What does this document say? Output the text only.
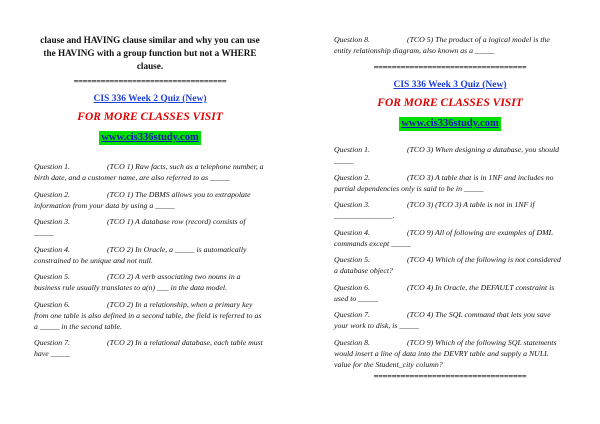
clause and HAVING clause similar and why you can use the HAVING with a group function but not a WHERE clause.
==================================
CIS 336 Week 2 Quiz (New)
FOR MORE CLASSES VISIT
www.cis336study.com
Question 1.	(TCO 1) Raw facts, such as a telephone number, a birth date, and a customer name, are also referred to as _____
Question 2.	(TCO 1) The DBMS allows you to extrapolate information from your data by using a _____
Question 3.	(TCO 1) A database row (record) consists of _____
Question 4.	(TCO 2) In Oracle, a _____ is automatically constrained to be unique and not null.
Question 5.	(TCO 2) A verb associating two nouns in a business rule usually translates to a(n) ___ in the data model.
Question 6.	(TCO 2) In a relationship, when a primary key from one table is also defined in a second table, the field is referred to as a _____ in the second table.
Question 7.	(TCO 2) In a relational database, each table must have _____
Question 8.	(TCO 5) The product of a logical model is the entity relationship diagram, also known as a _____
==================================
CIS 336 Week 3 Quiz (New)
FOR MORE CLASSES VISIT
www.cis336study.com
Question 1.	(TCO 3) When designing a database, you should _____
Question 2.	(TCO 3) A table that is in 1NF and includes no partial dependencies only is said to be in _____
Question 3.	(TCO 3) (TCO 3) A table is not in 1NF if _______________.
Question 4.	(TCO 9) All of following are examples of DML commands except _____
Question 5.	(TCO 4) Which of the following is not considered a database object?
Question 6.	(TCO 4) In Oracle, the DEFAULT constraint is used to _____
Question 7.	(TCO 4) The SQL command that lets you save your work to disk, is _____
Question 8.	(TCO 9) Which of the following SQL statements would insert a line of data into the DEVRY table and supply a NULL value for the Student_city column?
==================================
